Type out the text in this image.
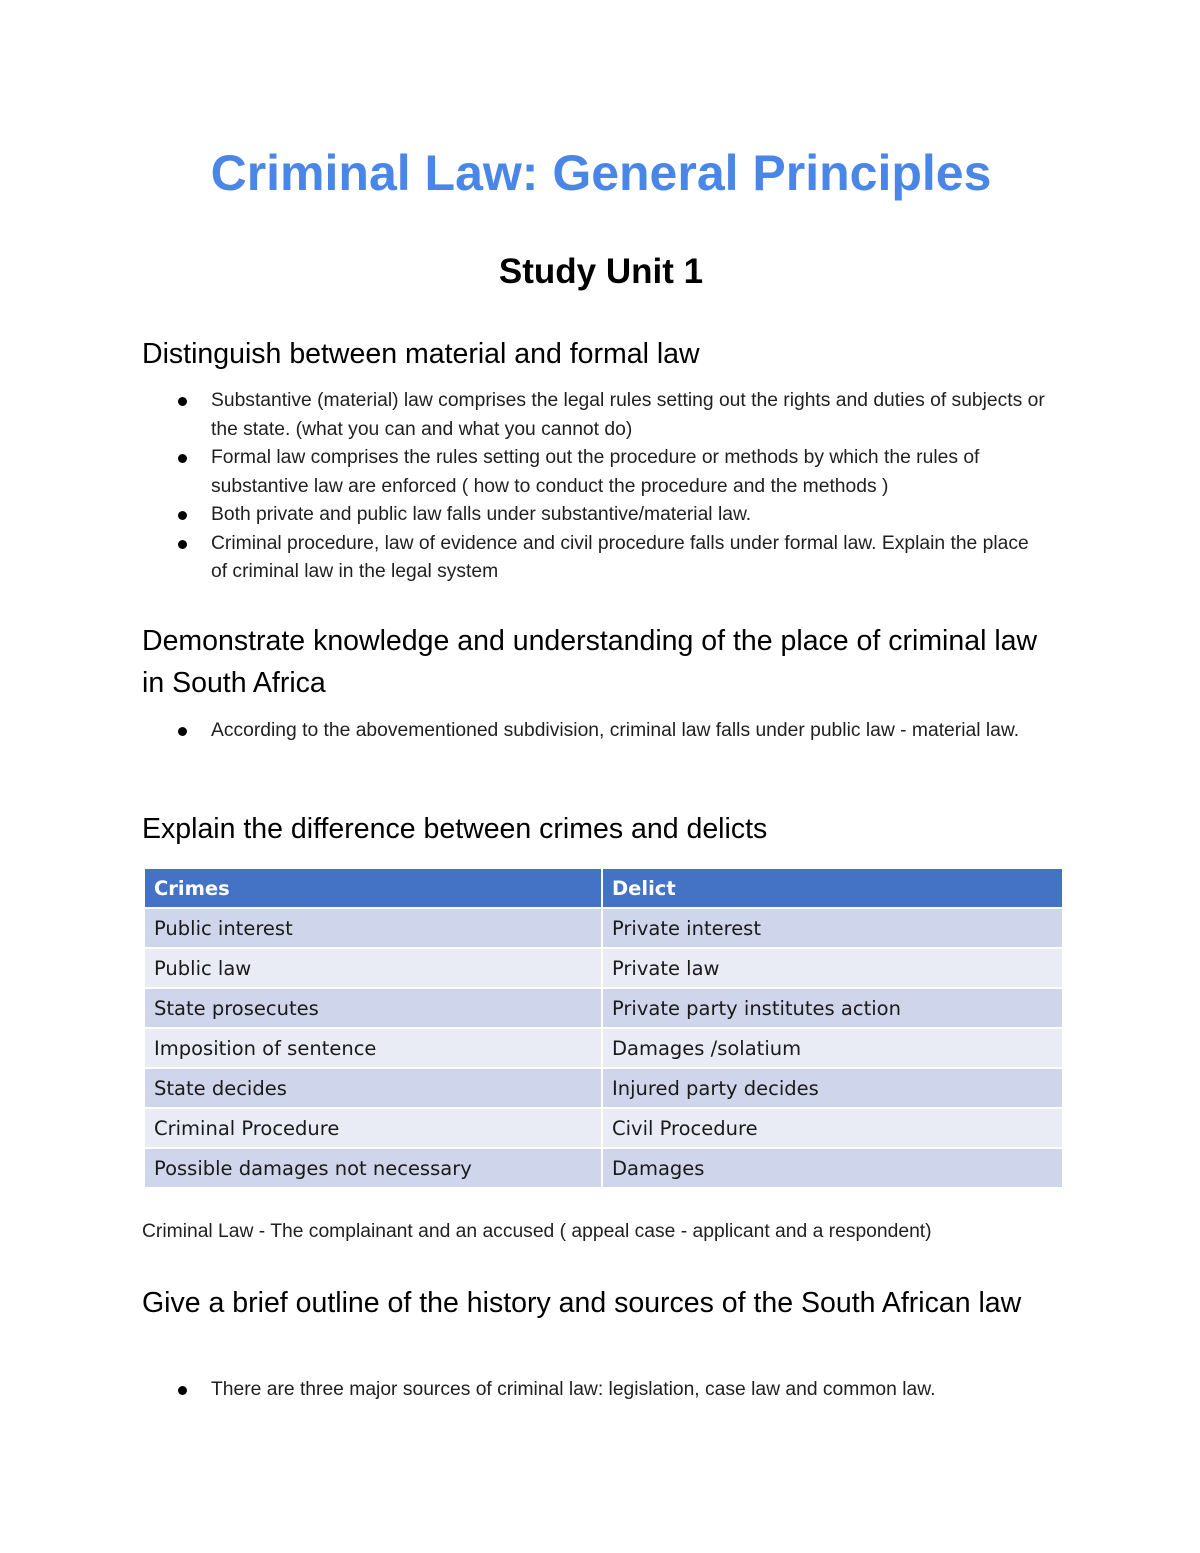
Criminal Law: General Principles
Study Unit 1
Distinguish between material and formal law
Substantive (material) law comprises the legal rules setting out the rights and duties of subjects or the state. (what you can and what you cannot do)
Formal law comprises the rules setting out the procedure or methods by which the rules of substantive law are enforced ( how to conduct the procedure and the methods )
Both private and public law falls under substantive/material law.
Criminal procedure, law of evidence and civil procedure falls under formal law. Explain the place of criminal law in the legal system
Demonstrate knowledge and understanding of the place of criminal law in South Africa
According to the abovementioned subdivision, criminal law falls under public law - material law.
Explain the difference between crimes and delicts
Give a brief outline of the history and sources of the South African law
There are three major sources of criminal law: legislation, case law and common law.

Criminal Law - The complainant and an accused ( appeal case - applicant and a respondent)

Crimes	Delict
Public interest	Private interest
Public law	Private law
State prosecutes	Private party institutes action
Imposition of sentence	Damages /solatium
State decides	Injured party decides
Criminal Procedure	Civil Procedure
Possible damages not necessary	Damages
